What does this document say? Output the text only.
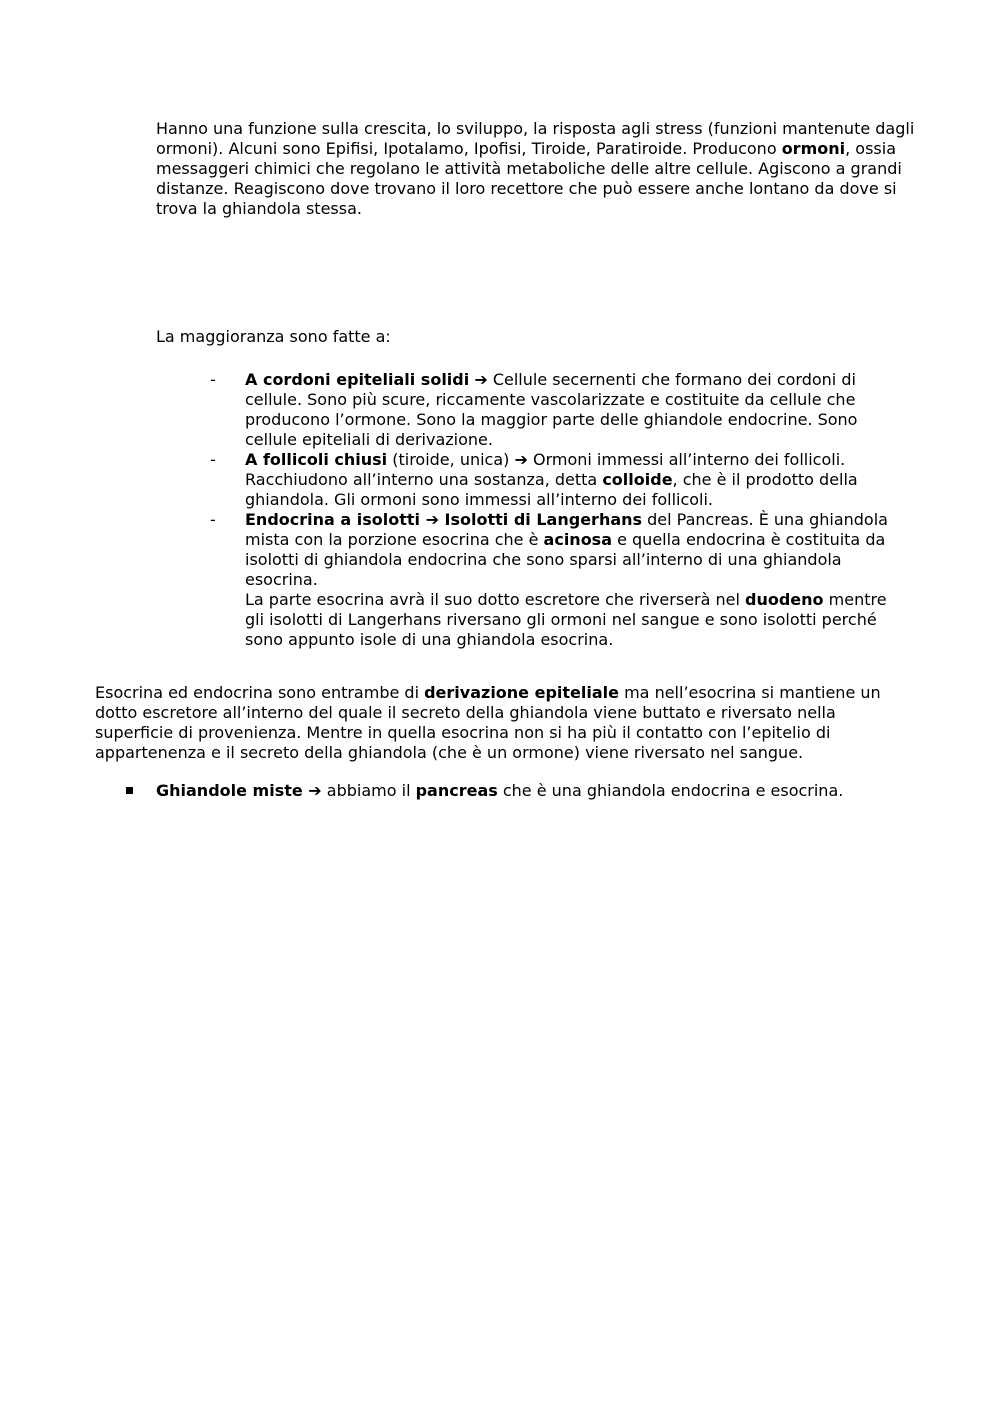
Hanno una funzione sulla crescita, lo sviluppo, la risposta agli stress (funzioni mantenute dagli ormoni). Alcuni sono Epifisi, Ipotalamo, Ipofisi, Tiroide, Paratiroide. Producono ormoni, ossia messaggeri chimici che regolano le attività metaboliche delle altre cellule. Agiscono a grandi distanze. Reagiscono dove trovano il loro recettore che può essere anche lontano da dove si trova la ghiandola stessa.

La maggioranza sono fatte a:

-	A cordoni epiteliali solidi ➔ Cellule secernenti che formano dei cordoni di cellule. Sono più scure, riccamente vascolarizzate e costituite da cellule che producono l’ormone. Sono la maggior parte delle ghiandole endocrine. Sono cellule epiteliali di derivazione.
-	A follicoli chiusi (tiroide, unica) ➔ Ormoni immessi all’interno dei follicoli. Racchiudono all’interno una sostanza, detta colloide, che è il prodotto della ghiandola. Gli ormoni sono immessi all’interno dei follicoli.
-	Endocrina a isolotti ➔ Isolotti di Langerhans del Pancreas. È una ghiandola mista con la porzione esocrina che è acinosa e quella endocrina è costituita da isolotti di ghiandola endocrina che sono sparsi all’interno di una ghiandola esocrina.
La parte esocrina avrà il suo dotto escretore che riverserà nel duodeno mentre gli isolotti di Langerhans riversano gli ormoni nel sangue e sono isolotti perché sono appunto isole di una ghiandola esocrina.

Esocrina ed endocrina sono entrambe di derivazione epiteliale ma nell’esocrina si mantiene un dotto escretore all’interno del quale il secreto della ghiandola viene buttato e riversato nella superficie di provenienza. Mentre in quella esocrina non si ha più il contatto con l’epitelio di appartenenza e il secreto della ghiandola (che è un ormone) viene riversato nel sangue.

Ghiandole miste ➔ abbiamo il pancreas che è una ghiandola endocrina e esocrina.
